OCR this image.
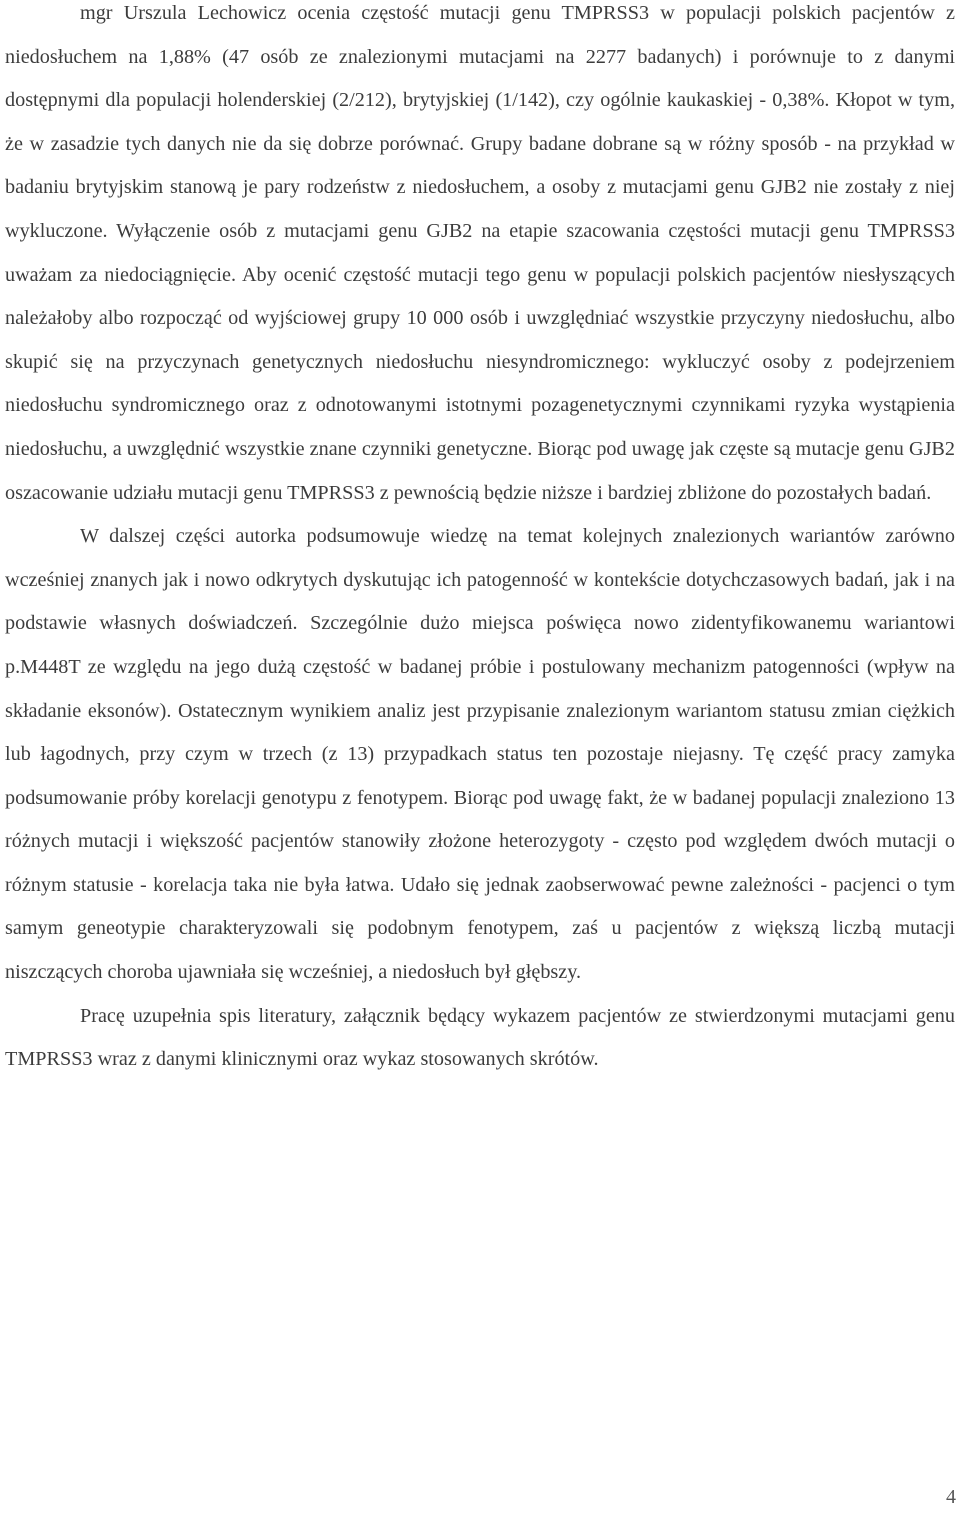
mgr Urszula Lechowicz ocenia częstość mutacji genu TMPRSS3 w populacji polskich pacjentów z niedosłuchem na 1,88% (47 osób ze znalezionymi mutacjami na 2277 badanych) i porównuje to z danymi dostępnymi dla populacji holenderskiej (2/212), brytyjskiej (1/142), czy ogólnie kaukaskiej - 0,38%. Kłopot w tym, że w zasadzie tych danych nie da się dobrze porównać. Grupy badane dobrane są w różny sposób - na przykład w badaniu brytyjskim stanową je pary rodzeństw z niedosłuchem, a osoby z mutacjami genu GJB2 nie zostały z niej wykluczone. Wyłączenie osób z mutacjami genu GJB2 na etapie szacowania częstości mutacji genu TMPRSS3 uważam za niedociągnięcie. Aby ocenić częstość mutacji tego genu w populacji polskich pacjentów niesłyszących należałoby albo rozpocząć od wyjściowej grupy 10 000 osób i uwzględniać wszystkie przyczyny niedosłuchu, albo skupić się na przyczynach genetycznych niedosłuchu niesyndromicznego: wykluczyć osoby z podejrzeniem niedosłuchu syndromicznego oraz z odnotowanymi istotnymi pozagenetycznymi czynnikami ryzyka wystąpienia niedosłuchu, a uwzględnić wszystkie znane czynniki genetyczne. Biorąc pod uwagę jak częste są mutacje genu GJB2 oszacowanie udziału mutacji genu TMPRSS3 z pewnością będzie niższe i bardziej zbliżone do pozostałych badań.

W dalszej części autorka podsumowuje wiedzę na temat kolejnych znalezionych wariantów zarówno wcześniej znanych jak i nowo odkrytych dyskutując ich patogenność w kontekście dotychczasowych badań, jak i na podstawie własnych doświadczeń. Szczególnie dużo miejsca poświęca nowo zidentyfikowanemu wariantowi p.M448T ze względu na jego dużą częstość w badanej próbie i postulowany mechanizm patogenności (wpływ na składanie eksonów). Ostatecznym wynikiem analiz jest przypisanie znalezionym wariantom statusu zmian ciężkich lub łagodnych, przy czym w trzech (z 13) przypadkach status ten pozostaje niejasny. Tę część pracy zamyka podsumowanie próby korelacji genotypu z fenotypem. Biorąc pod uwagę fakt, że w badanej populacji znaleziono 13 różnych mutacji i większość pacjentów stanowiły złożone heterozygoty - często pod względem dwóch mutacji o różnym statusie - korelacja taka nie była łatwa. Udało się jednak zaobserwować pewne zależności - pacjenci o tym samym geneotypie charakteryzowali się podobnym fenotypem, zaś u pacjentów z większą liczbą mutacji niszczących choroba ujawniała się wcześniej, a niedosłuch był głębszy.

Pracę uzupełnia spis literatury, załącznik będący wykazem pacjentów ze stwierdzonymi mutacjami genu TMPRSS3 wraz z danymi klinicznymi oraz wykaz stosowanych skrótów.

4
